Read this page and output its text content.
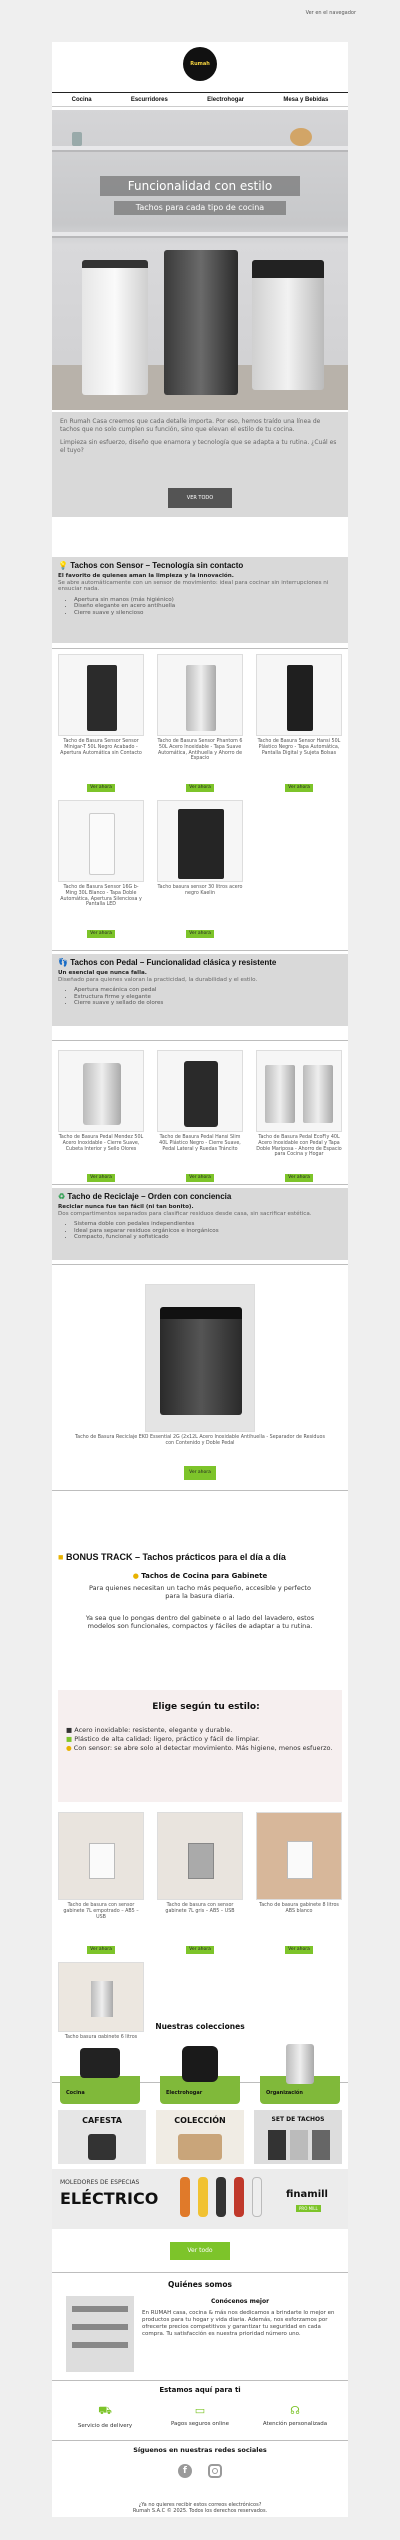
Ver en el navegador
Rumah
Cocina	Escurridores	Electrohogar	Mesa y Bebidas
Funcionalidad con estilo
Tachos para cada tipo de cocina

En Rumah Casa creemos que cada detalle importa. Por eso, hemos traído una línea de tachos que no solo cumplen su función, sino que elevan el estilo de tu cocina.

Limpieza sin esfuerzo, diseño que enamora y tecnología que se adapta a tu rutina. ¿Cuál es el tuyo?

VER TODO
💡 Tachos con Sensor – Tecnología sin contacto

El favorito de quienes aman la limpieza y la innovación.

Se abre automáticamente con un sensor de movimiento: ideal para cocinar sin interrupciones ni ensuciar nada.

• Apertura sin manos (más higiénico)
• Diseño elegante en acero antihuella
• Cierre suave y silencioso

Tacho de Basura Sensor Sensor Minigar-T 50L Negro Acabado - Apertura Automática sin Contacto

Ver ahora

Tacho de Basura Sensor Phantom 6 50L Acero Inoxidable - Tapa Suave Automática, Antihuella y Ahorro de Espacio

Ver ahora

Tacho de Basura Sensor Hansi 50L Plástico Negro - Tapa Automática, Pantalla Digital y Sujeta Bolsas

Ver ahora

Tacho de Basura Sensor 16G b-Ming 30L Blanco - Tapa Doble Automática, Apertura Silenciosa y Pantalla LED

Ver ahora

Tacho basura sensor 30 litros acero negro Kaelin

Ver ahora
👣 Tachos con Pedal – Funcionalidad clásica y resistente

Un esencial que nunca falla.

Diseñado para quienes valoran la practicidad, la durabilidad y el estilo.

• Apertura mecánica con pedal
• Estructura firme y elegante
• Cierre suave y sellado de olores

Tacho de Basura Pedal Mendez 50L Acero Inoxidable - Cierre Suave, Cubeta Interior y Sello Olores

Ver ahora

Tacho de Basura Pedal Hansi Slim 40L Plástico Negro - Cierre Suave, Pedal Lateral y Ruedas Tráncito

Ver ahora

Tacho de Basura Pedal EcoFly 40L Acero Inoxidable con Pedal y Tapa Doble Mariposa - Ahorro de Espacio para Cocina y Hogar

Ver ahora
♻ Tacho de Reciclaje – Orden con conciencia

Reciclar nunca fue tan fácil (ni tan bonito).

Dos compartimentos separados para clasificar residuos desde casa, sin sacrificar estética.

• Sistema doble con pedales independientes
• Ideal para separar residuos orgánicos e inorgánicos
• Compacto, funcional y sofisticado

Tacho de Basura Reciclaje EKO Essential 2G (2x12L Acero Inoxidable Antihuella - Separador de Residuos con Contenido y Doble Pedal

Ver ahora
■ BONUS TRACK – Tachos prácticos para el día a día
● Tachos de Cocina para Gabinete
Para quienes necesitan un tacho más pequeño, accesible y perfecto para la basura diaria.
Ya sea que lo pongas dentro del gabinete o al lado del lavadero, estos modelos son funcionales, compactos y fáciles de adaptar a tu rutina.
Elige según tu estilo:

■ Acero inoxidable: resistente, elegante y durable.

■ Plástico de alta calidad: ligero, práctico y fácil de limpiar.

● Con sensor: se abre solo al detectar movimiento. Más higiene, menos esfuerzo.

Tacho de basura con sensor gabinete 7L empotrado – AB5 – USB

Ver ahora

Tacho de basura con sensor gabinete 7L gris – AB5 – USB

Ver ahora

Tacho de basura gabinete 8 litros ABS blanco

Ver ahora

Nuestras colecciones
Cocina	Electrohogar	Organización
CAFESTA	COLECCIÓN	SET DE TACHOS
MOLEDORES DE ESPECIAS
ELÉCTRICO	finamill
PRO MILL
Ver todo
Quiénes somos
Conócenos mejor
En RUMAH casa, cocina & más nos dedicamos a brindarte lo mejor en productos para tu hogar y vida diaria. Además, nos esforzamos por ofrecerte precios competitivos y garantizar tu seguridad en cada compra. Tu satisfacción es nuestra prioridad número uno.
Estamos aquí para ti
⛟
Servicio de delivery
▭
Pagos seguros online
☊
Atención personalizada
Síguenos en nuestras redes sociales
f

¿Ya no quieres recibir estos correos electrónicos?

Rumah S.A.C © 2025. Todos los derechos reservados.
